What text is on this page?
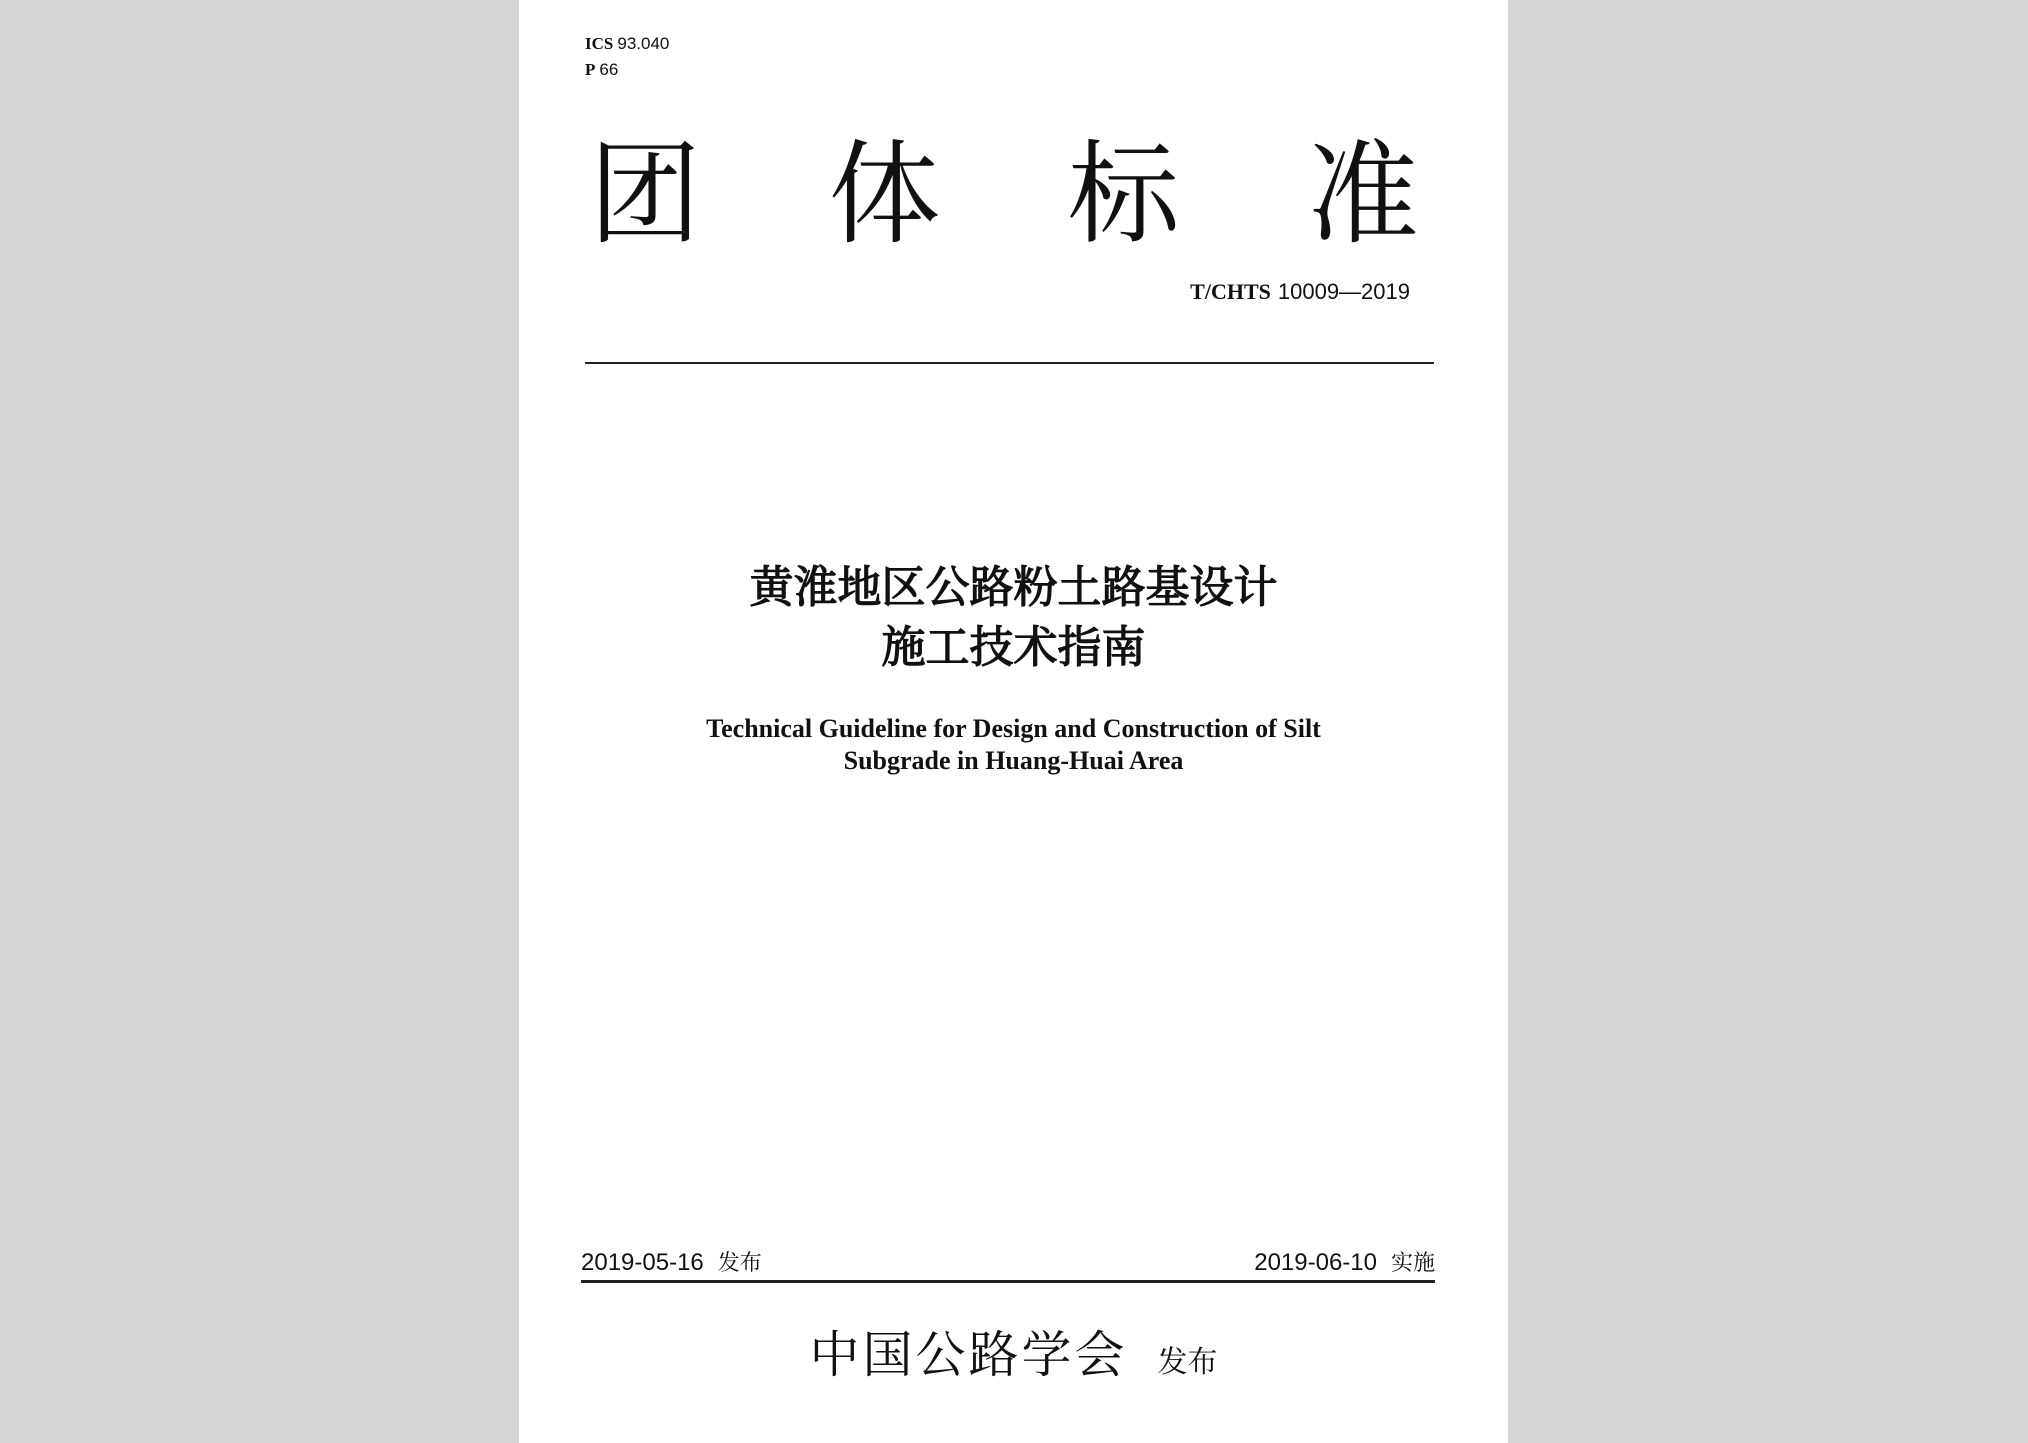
ICS 93.040
P 66
团 体 标 准
T/CHTS 10009—2019
黄淮地区公路粉土路基设计
施工技术指南
Technical Guideline for Design and Construction of Silt
Subgrade in Huang-Huai Area
2019-05-16 发布	2019-06-10 实施
中国公路学会 发布
